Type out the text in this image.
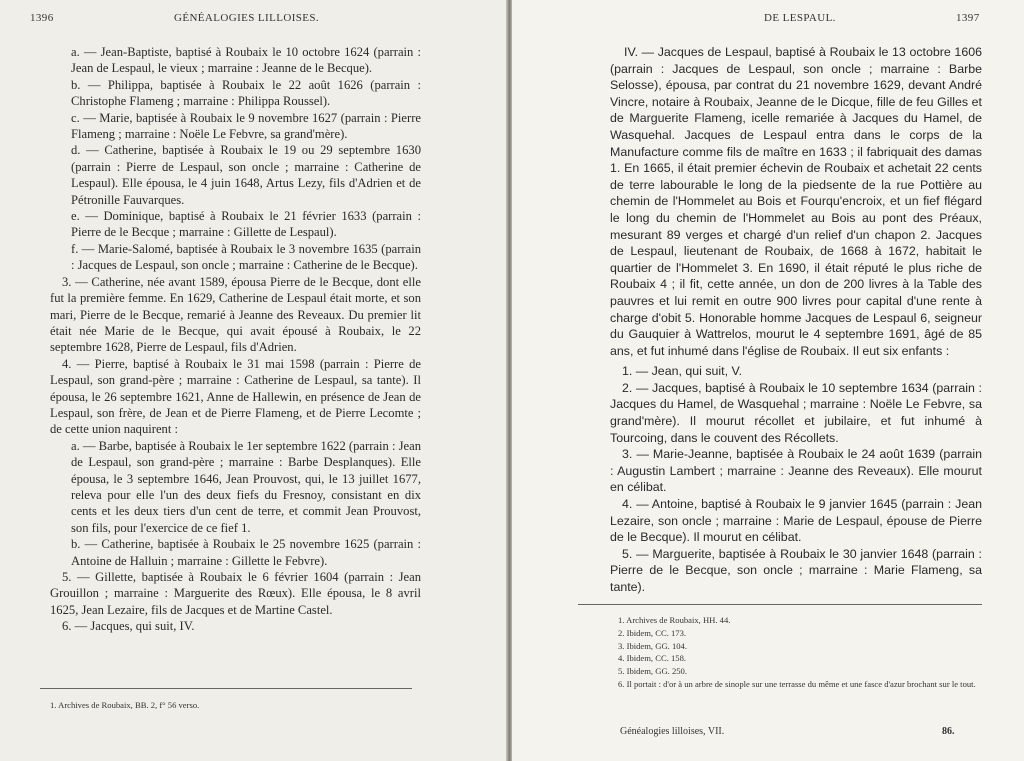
1396	GÉNÉALOGIES LILLOISES.

a. — Jean-Baptiste, baptisé à Roubaix le 10 octobre 1624 (parrain : Jean de Lespaul, le vieux ; marraine : Jeanne de le Becque).

b. — Philippa, baptisée à Roubaix le 22 août 1626 (parrain : Christophe Flameng ; marraine : Philippa Roussel).

c. — Marie, baptisée à Roubaix le 9 novembre 1627 (parrain : Pierre Flameng ; marraine : Noële Le Febvre, sa grand'mère).

d. — Catherine, baptisée à Roubaix le 19 ou 29 septembre 1630 (parrain : Pierre de Lespaul, son oncle ; marraine : Catherine de Lespaul). Elle épousa, le 4 juin 1648, Artus Lezy, fils d'Adrien et de Pétronille Fauvarques.

e. — Dominique, baptisé à Roubaix le 21 février 1633 (parrain : Pierre de le Becque ; marraine : Gillette de Lespaul).

f. — Marie-Salomé, baptisée à Roubaix le 3 novembre 1635 (parrain : Jacques de Lespaul, son oncle ; marraine : Catherine de le Becque).

3. — Catherine, née avant 1589, épousa Pierre de le Becque, dont elle fut la première femme. En 1629, Catherine de Lespaul était morte, et son mari, Pierre de le Becque, remarié à Jeanne des Reveaux. Du premier lit était née Marie de le Becque, qui avait épousé à Roubaix, le 22 septembre 1628, Pierre de Lespaul, fils d'Adrien.

4. — Pierre, baptisé à Roubaix le 31 mai 1598 (parrain : Pierre de Lespaul, son grand-père ; marraine : Catherine de Lespaul, sa tante). Il épousa, le 26 septembre 1621, Anne de Hallewin, en présence de Jean de Lespaul, son frère, de Jean et de Pierre Flameng, et de Pierre Lecomte ; de cette union naquirent :

a. — Barbe, baptisée à Roubaix le 1er septembre 1622 (parrain : Jean de Lespaul, son grand-père ; marraine : Barbe Desplanques). Elle épousa, le 3 septembre 1646, Jean Prouvost, qui, le 13 juillet 1677, releva pour elle l'un des deux fiefs du Fresnoy, consistant en dix cents et les deux tiers d'un cent de terre, et commit Jean Prouvost, son fils, pour l'exercice de ce fief 1.

b. — Catherine, baptisée à Roubaix le 25 novembre 1625 (parrain : Antoine de Halluin ; marraine : Gillette le Febvre).

5. — Gillette, baptisée à Roubaix le 6 février 1604 (parrain : Jean Grouillon ; marraine : Marguerite des Rœux). Elle épousa, le 8 avril 1625, Jean Lezaire, fils de Jacques et de Martine Castel.

6. — Jacques, qui suit, IV.

1. Archives de Roubaix, BB. 2, f° 56 verso.
DE LESPAUL.	1397

IV. — Jacques de Lespaul, baptisé à Roubaix le 13 octobre 1606 (parrain : Jacques de Lespaul, son oncle ; marraine : Barbe Selosse), épousa, par contrat du 21 novembre 1629, devant André Vincre, notaire à Roubaix, Jeanne de le Dicque, fille de feu Gilles et de Marguerite Flameng, icelle remariée à Jacques du Hamel, de Wasquehal. Jacques de Lespaul entra dans le corps de la Manufacture comme fils de maître en 1633 ; il fabriquait des damas 1. En 1665, il était premier échevin de Roubaix et achetait 22 cents de terre labourable le long de la piedsente de la rue Pottière au chemin de l'Hommelet au Bois et Fourqu'encroix, et un fief flégard le long du chemin de l'Hommelet au Bois au pont des Préaux, mesurant 89 verges et chargé d'un relief d'un chapon 2. Jacques de Lespaul, lieutenant de Roubaix, de 1668 à 1672, habitait le quartier de l'Hommelet 3. En 1690, il était réputé le plus riche de Roubaix 4 ; il fit, cette année, un don de 200 livres à la Table des pauvres et lui remit en outre 900 livres pour capital d'une rente à charge d'obit 5. Honorable homme Jacques de Lespaul 6, seigneur du Gauquier à Wattrelos, mourut le 4 septembre 1691, âgé de 85 ans, et fut inhumé dans l'église de Roubaix. Il eut six enfants :

1. — Jean, qui suit, V.

2. — Jacques, baptisé à Roubaix le 10 septembre 1634 (parrain : Jacques du Hamel, de Wasquehal ; marraine : Noële Le Febvre, sa grand'mère). Il mourut récollet et jubilaire, et fut inhumé à Tourcoing, dans le couvent des Récollets.

3. — Marie-Jeanne, baptisée à Roubaix le 24 août 1639 (parrain : Augustin Lambert ; marraine : Jeanne des Reveaux). Elle mourut en célibat.

4. — Antoine, baptisé à Roubaix le 9 janvier 1645 (parrain : Jean Lezaire, son oncle ; marraine : Marie de Lespaul, épouse de Pierre de le Becque). Il mourut en célibat.

5. — Marguerite, baptisée à Roubaix le 30 janvier 1648 (parrain : Pierre de le Becque, son oncle ; marraine : Marie Flameng, sa tante).

1. Archives de Roubaix, HH. 44.
2. Ibidem, CC. 173.
3. Ibidem, GG. 104.
4. Ibidem, CC. 158.
5. Ibidem, GG. 250.
6. Il portait : d'or à un arbre de sinople sur une terrasse du même et une fasce d'azur brochant sur le tout.
Généalogies lilloises, VII.	86.
